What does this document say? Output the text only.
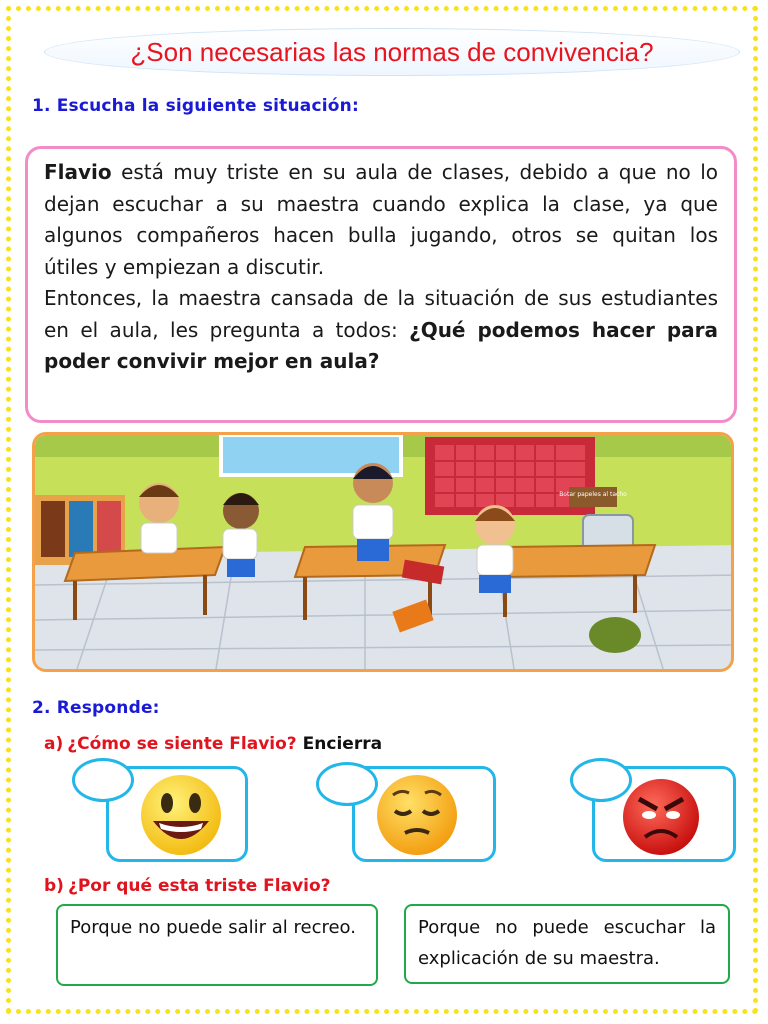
¿Son necesarias las normas de convivencia?
1. Escucha la siguiente situación:

Flavio está muy triste en su aula de clases, debido a que no lo dejan escuchar a su maestra cuando explica la clase, ya que algunos compañeros hacen bulla jugando, otros se quitan los útiles y empiezan a discutir.

Entonces, la maestra cansada de la situación de sus estudiantes en el aula, les pregunta a todos: ¿Qué podemos hacer para poder convivir mejor en aula?

Botar papeles al tacho
2. Responde:
a) ¿Cómo se siente Flavio? Encierra
b) ¿Por qué esta triste Flavio?
Porque no puede salir al recreo.	Porque no puede escuchar la explicación de su maestra.
